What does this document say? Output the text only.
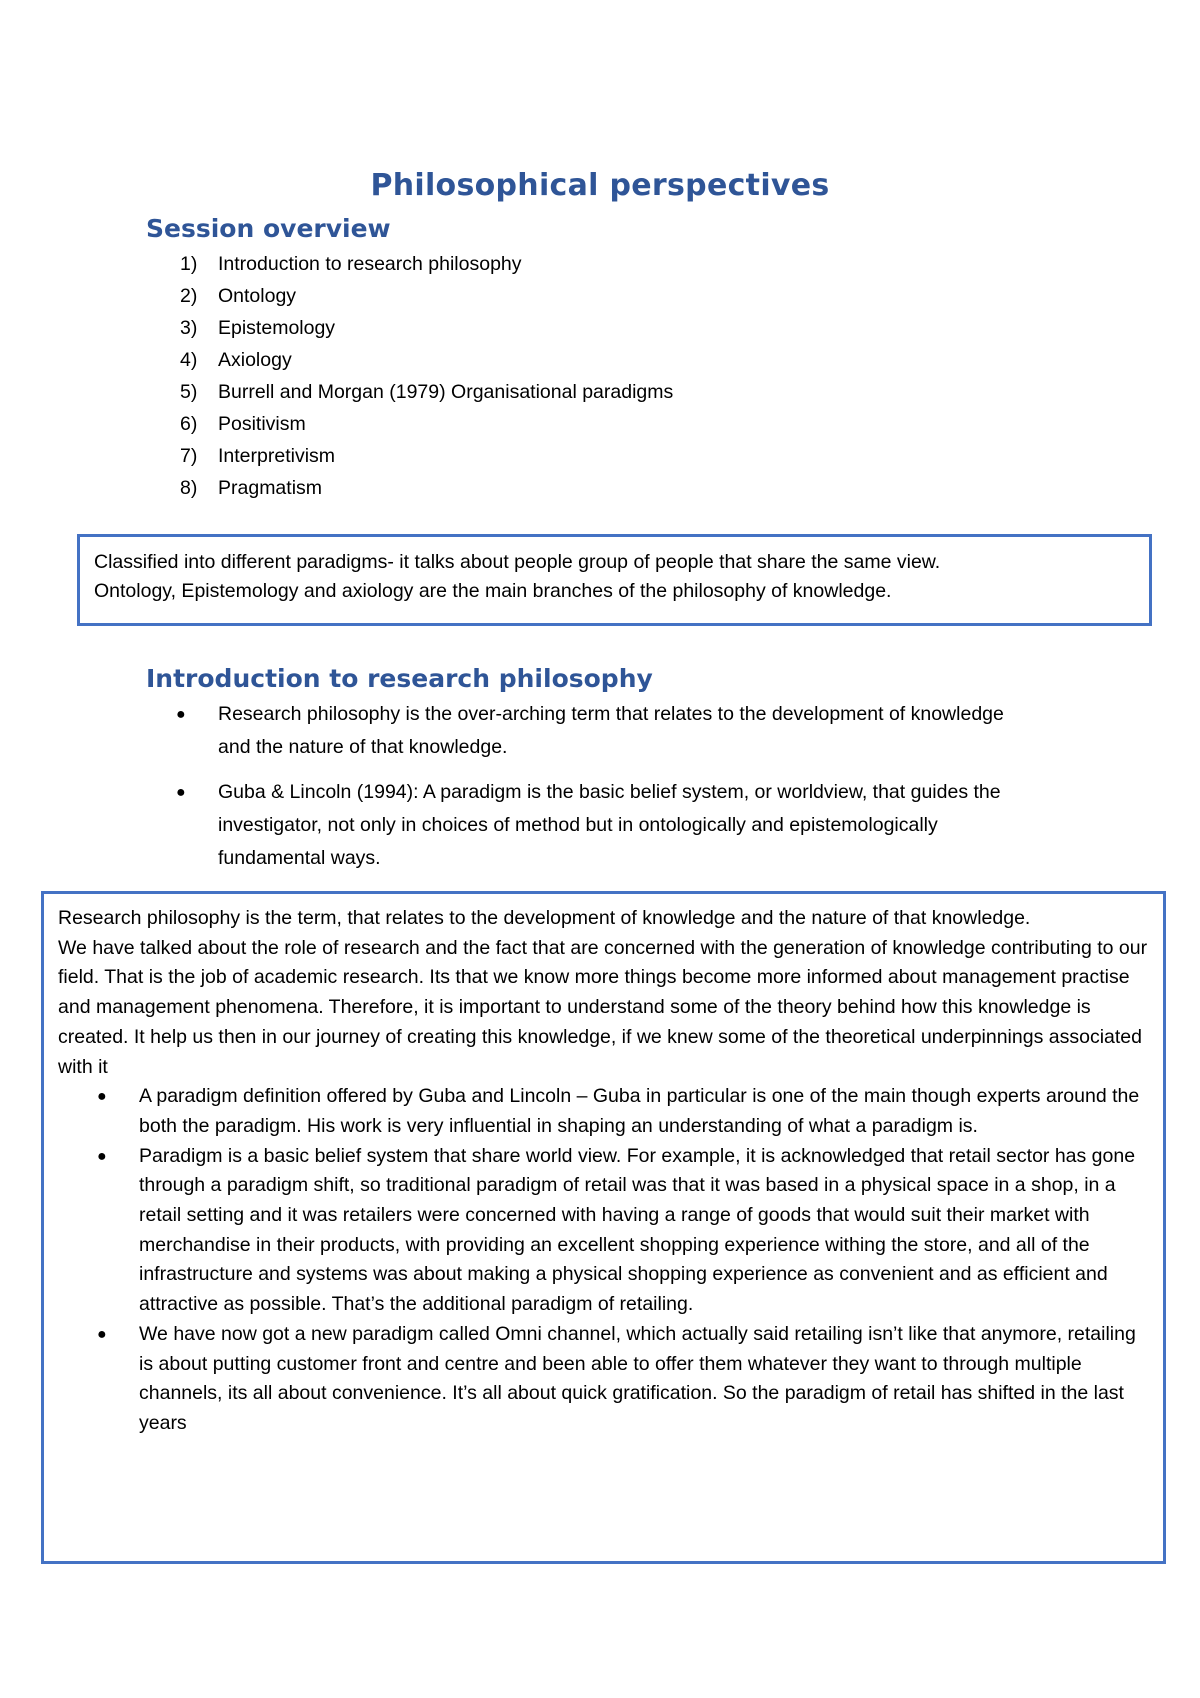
Philosophical perspectives
Session overview
1) Introduction to research philosophy
2) Ontology
3) Epistemology
4) Axiology
5) Burrell and Morgan (1979) Organisational paradigms
6) Positivism
7) Interpretivism
8) Pragmatism

Classified into different paradigms- it talks about people group of people that share the same view.

Ontology, Epistemology and axiology are the main branches of the philosophy of knowledge.

Introduction to research philosophy
● Research philosophy is the over-arching term that relates to the development of knowledge and the nature of that knowledge.
● Guba & Lincoln (1994): A paradigm is the basic belief system, or worldview, that guides the investigator, not only in choices of method but in ontologically and epistemologically fundamental ways.

Research philosophy is the term, that relates to the development of knowledge and the nature of that knowledge.

We have talked about the role of research and the fact that are concerned with the generation of knowledge contributing to our field. That is the job of academic research. Its that we know more things become more informed about management practise and management phenomena. Therefore, it is important to understand some of the theory behind how this knowledge is created. It help us then in our journey of creating this knowledge, if we knew some of the theoretical underpinnings associated with it

● A paradigm definition offered by Guba and Lincoln – Guba in particular is one of the main though experts around the both the paradigm. His work is very influential in shaping an understanding of what a paradigm is.
● Paradigm is a basic belief system that share world view. For example, it is acknowledged that retail sector has gone through a paradigm shift, so traditional paradigm of retail was that it was based in a physical space in a shop, in a retail setting and it was retailers were concerned with having a range of goods that would suit their market with merchandise in their products, with providing an excellent shopping experience withing the store, and all of the infrastructure and systems was about making a physical shopping experience as convenient and as efficient and attractive as possible. That’s the additional paradigm of retailing.
● We have now got a new paradigm called Omni channel, which actually said retailing isn’t like that anymore, retailing is about putting customer front and centre and been able to offer them whatever they want to through multiple channels, its all about convenience. It’s all about quick gratification. So the paradigm of retail has shifted in the last years
